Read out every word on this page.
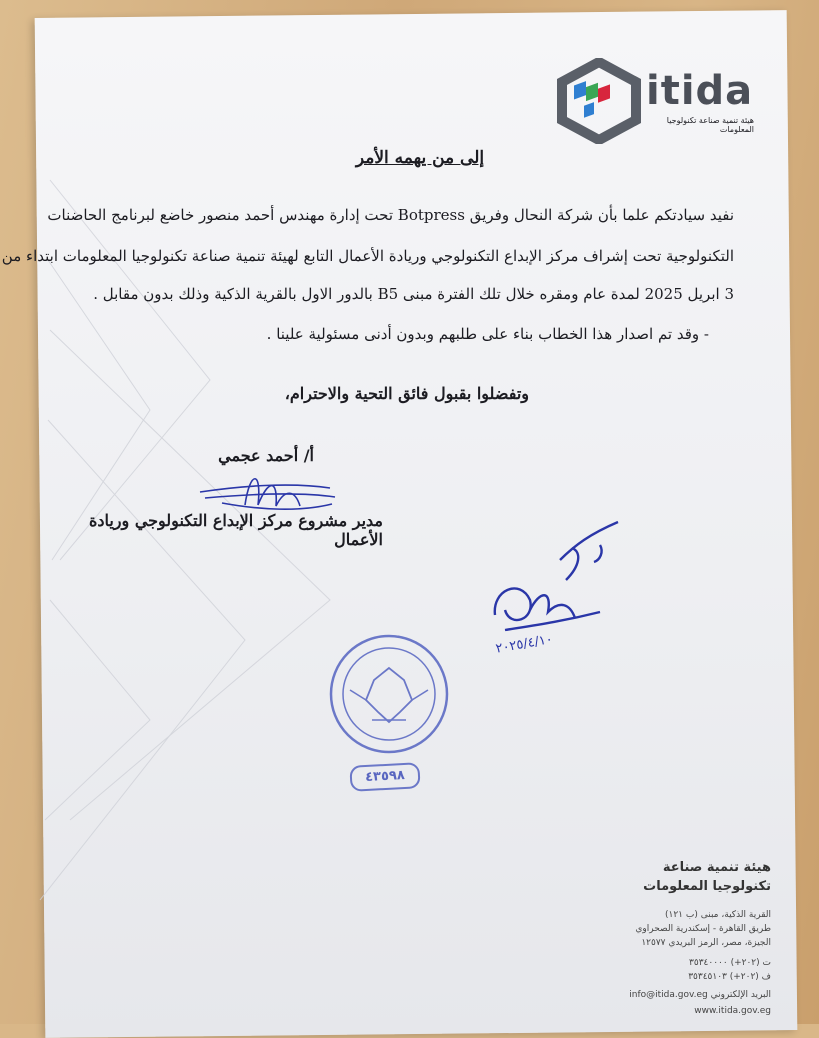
itida
هيئة تنمية صناعة تكنولوجيا المعلومات
إلى من يهمه الأمر
نفيد سيادتكم علما بأن شركة النحال وفريق Botpress تحت إدارة مهندس أحمد منصور خاضع لبرنامج الحاضنات
التكنولوجية تحت إشراف مركز الإبداع التكنولوجي وريادة الأعمال التابع لهيئة تنمية صناعة تكنولوجيا المعلومات ابتداء من
3 ابريل 2025 لمدة عام ومقره خلال تلك الفترة مبنى B5 بالدور الاول بالقرية الذكية وذلك بدون مقابل .
- وقد تم اصدار هذا الخطاب بناء على طلبهم وبدون أدنى مسئولية علينا .
وتفضلوا بقبول فائق التحية والاحترام،
أ/ أحمد عجمي
مدير مشروع مركز الإبداع التكنولوجي وريادة الأعمال
٢٠٢٥/٤/١٠
٤٣٥٩٨
هيئة تنمية صناعة
تكنولوجيا المعلومات
القرية الذكية، مبنى (ب ١٢١)
طريق القاهرة - إسكندرية الصحراوي
الجيزة، مصر، الرمز البريدي ١٢٥٧٧
ت (٢٠٢+) ٣٥٣٤٠٠٠٠
ف (٢٠٢+) ٣٥٣٤٥١٠٣
البريد الإلكتروني info@itida.gov.eg
www.itida.gov.eg
